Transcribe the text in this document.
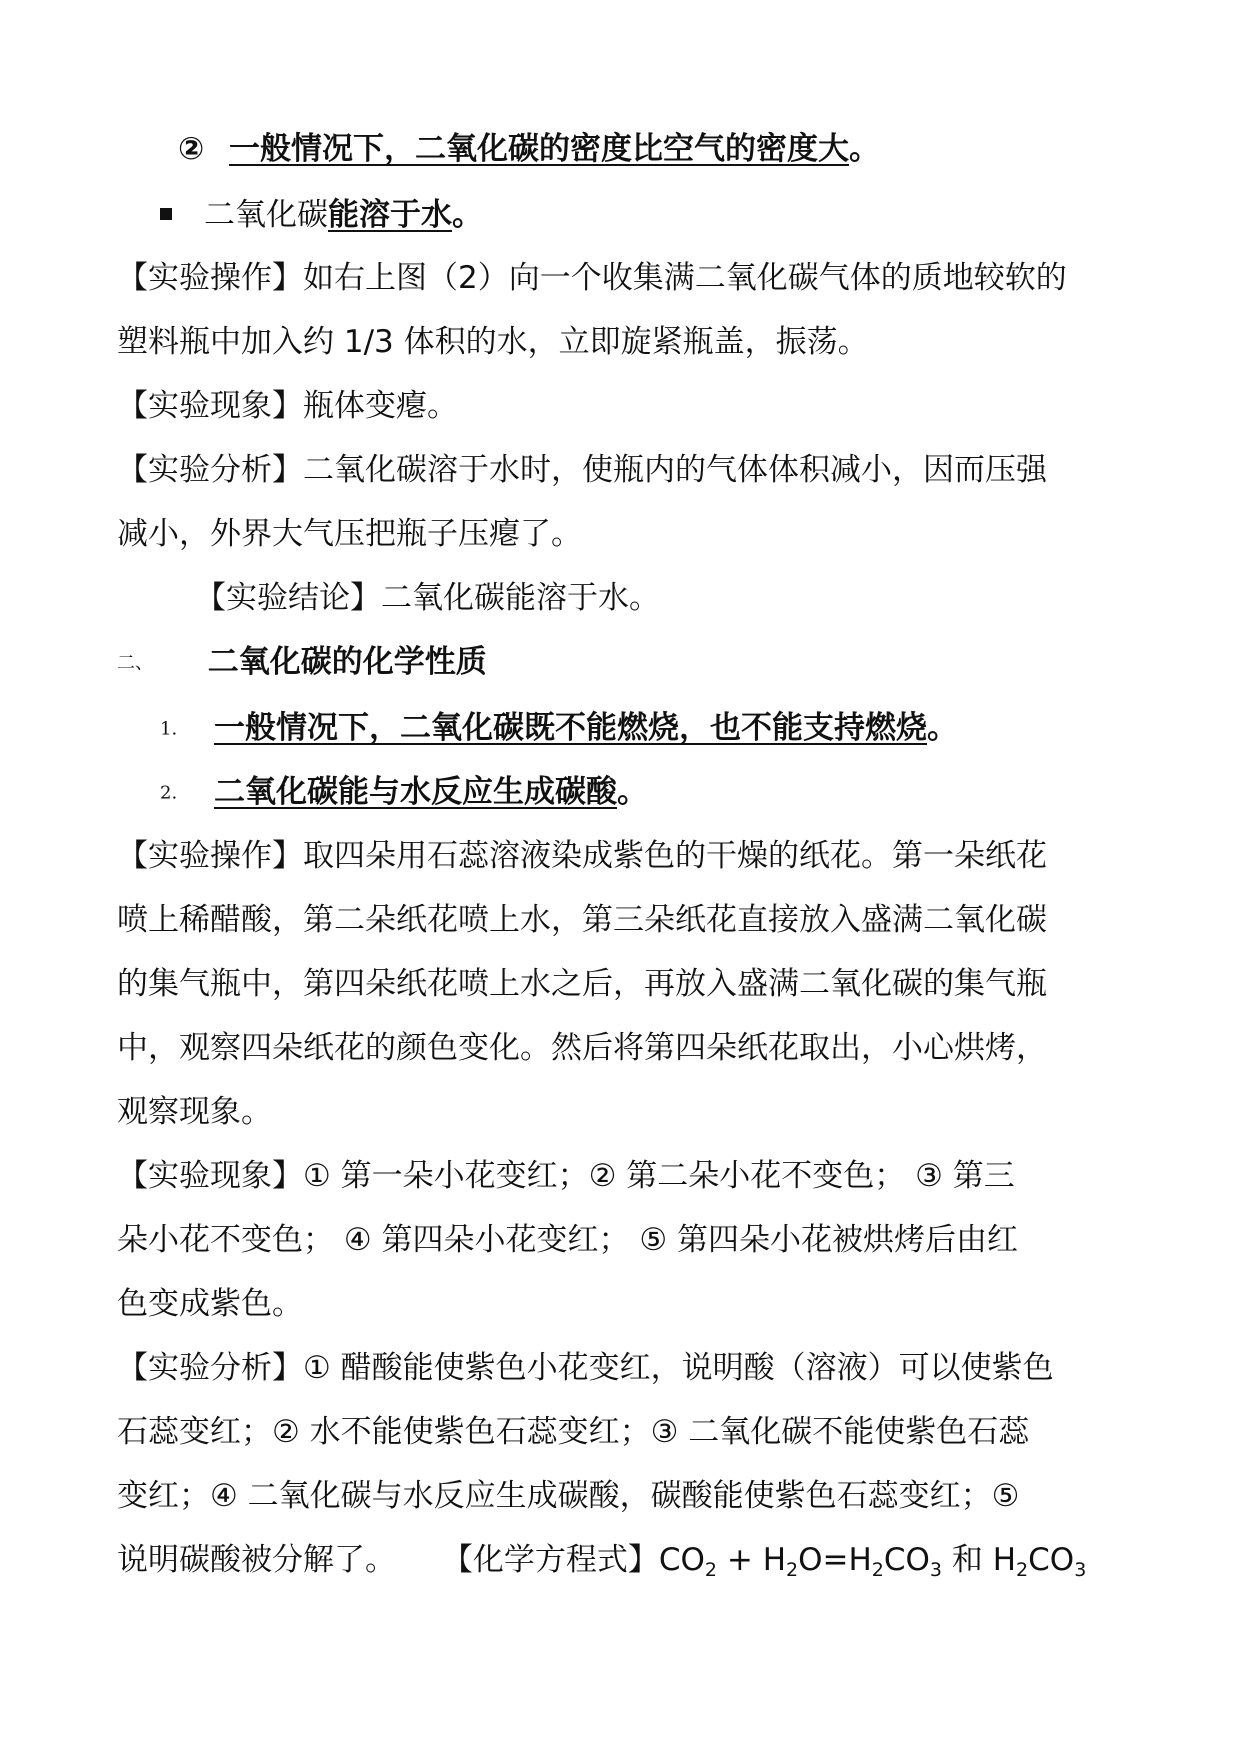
② 一般情况下，二氧化碳的密度比空气的密度大。
二氧化碳能溶于水。
【实验操作】如右上图（2）向一个收集满二氧化碳气体的质地较软的
塑料瓶中加入约 1/3 体积的水，立即旋紧瓶盖，振荡。
【实验现象】瓶体变瘪。
【实验分析】二氧化碳溶于水时，使瓶内的气体体积减小，因而压强
减小，外界大气压把瓶子压瘪了。
【实验结论】二氧化碳能溶于水。
二、 二氧化碳的化学性质
1. 一般情况下，二氧化碳既不能燃烧，也不能支持燃烧。
2. 二氧化碳能与水反应生成碳酸。
【实验操作】取四朵用石蕊溶液染成紫色的干燥的纸花。第一朵纸花
喷上稀醋酸，第二朵纸花喷上水，第三朵纸花直接放入盛满二氧化碳
的集气瓶中，第四朵纸花喷上水之后，再放入盛满二氧化碳的集气瓶
中，观察四朵纸花的颜色变化。然后将第四朵纸花取出，小心烘烤，
观察现象。
【实验现象】① 第一朵小花变红；② 第二朵小花不变色； ③ 第三
朵小花不变色； ④ 第四朵小花变红； ⑤ 第四朵小花被烘烤后由红
色变成紫色。
【实验分析】① 醋酸能使紫色小花变红，说明酸（溶液）可以使紫色
石蕊变红；② 水不能使紫色石蕊变红；③ 二氧化碳不能使紫色石蕊
变红；④ 二氧化碳与水反应生成碳酸，碳酸能使紫色石蕊变红；⑤
说明碳酸被分解了。 【化学方程式】$CO_2 + H_2O=H_2CO_3$ 和 $H_2CO_3$
